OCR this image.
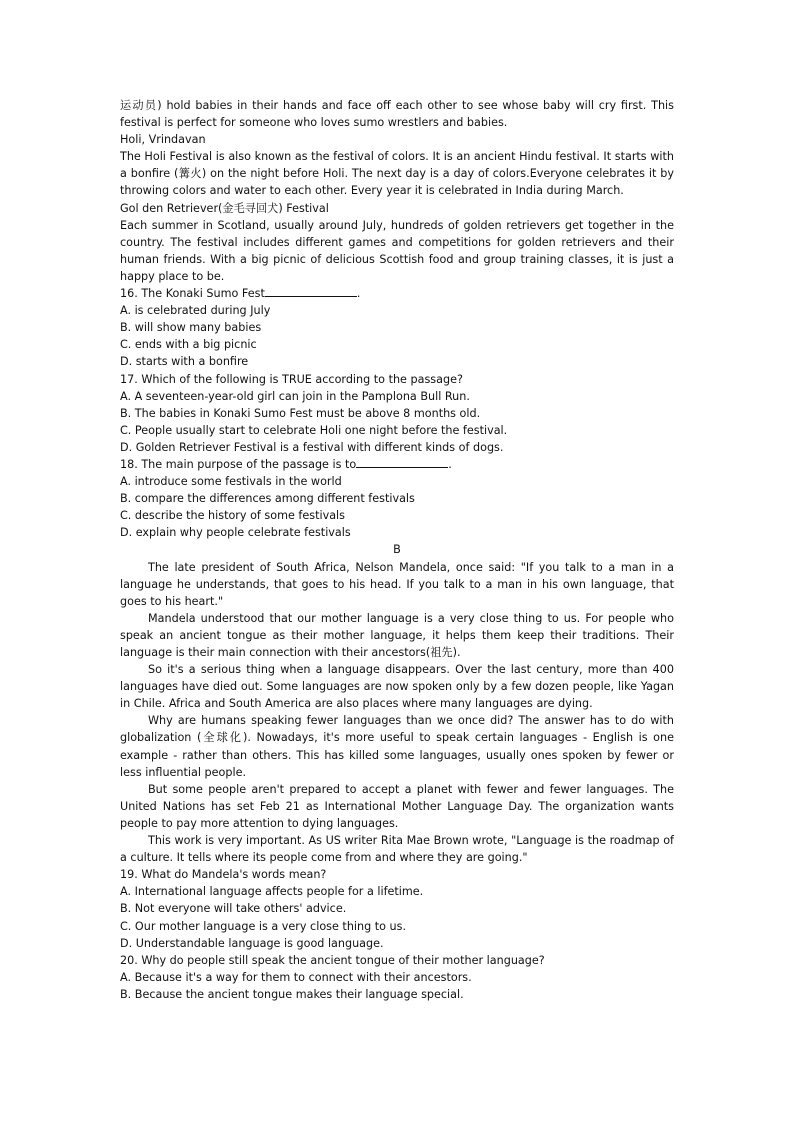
运动员) hold babies in their hands and face off each other to see whose baby will cry first. This festival is perfect for someone who loves sumo wrestlers and babies.

Holi, Vrindavan

The Holi Festival is also known as the festival of colors. It is an ancient Hindu festival. It starts with a bonfire (篝火) on the night before Holi. The next day is a day of colors.Everyone celebrates it by throwing colors and water to each other. Every year it is celebrated in India during March.

Gol den Retriever(金毛寻回犬) Festival

Each summer in Scotland, usually around July, hundreds of golden retrievers get together in the country. The festival includes different games and competitions for golden retrievers and their human friends. With a big picnic of delicious Scottish food and group training classes, it is just a happy place to be.

16. The Konaki Sumo Fest	.

A. is celebrated during July

B. will show many babies

C. ends with a big picnic

D. starts with a bonfire

17. Which of the following is TRUE according to the passage?

A. A seventeen-year-old girl can join in the Pamplona Bull Run.

B. The babies in Konaki Sumo Fest must be above 8 months old.

C. People usually start to celebrate Holi one night before the festival.

D. Golden Retriever Festival is a festival with different kinds of dogs.

18. The main purpose of the passage is to	.

A. introduce some festivals in the world

B. compare the differences among different festivals

C. describe the history of some festivals

D. explain why people celebrate festivals

B

The late president of South Africa, Nelson Mandela, once said: "If you talk to a man in a language he understands, that goes to his head. If you talk to a man in his own language, that goes to his heart."

Mandela understood that our mother language is a very close thing to us. For people who speak an ancient tongue as their mother language, it helps them keep their traditions. Their language is their main connection with their ancestors(祖先).

So it's a serious thing when a language disappears. Over the last century, more than 400 languages have died out. Some languages are now spoken only by a few dozen people, like Yagan in Chile. Africa and South America are also places where many languages are dying.

Why are humans speaking fewer languages than we once did? The answer has to do with globalization (全球化). Nowadays, it's more useful to speak certain languages - English is one example - rather than others. This has killed some languages, usually ones spoken by fewer or less influential people.

But some people aren't prepared to accept a planet with fewer and fewer languages. The United Nations has set Feb 21 as International Mother Language Day. The organization wants people to pay more attention to dying languages.

This work is very important. As US writer Rita Mae Brown wrote, "Language is the roadmap of a culture. It tells where its people come from and where they are going."

19. What do Mandela's words mean?

A. International language affects people for a lifetime.

B. Not everyone will take others' advice.

C. Our mother language is a very close thing to us.

D. Understandable language is good language.

20. Why do people still speak the ancient tongue of their mother language?

A. Because it's a way for them to connect with their ancestors.

B. Because the ancient tongue makes their language special.
